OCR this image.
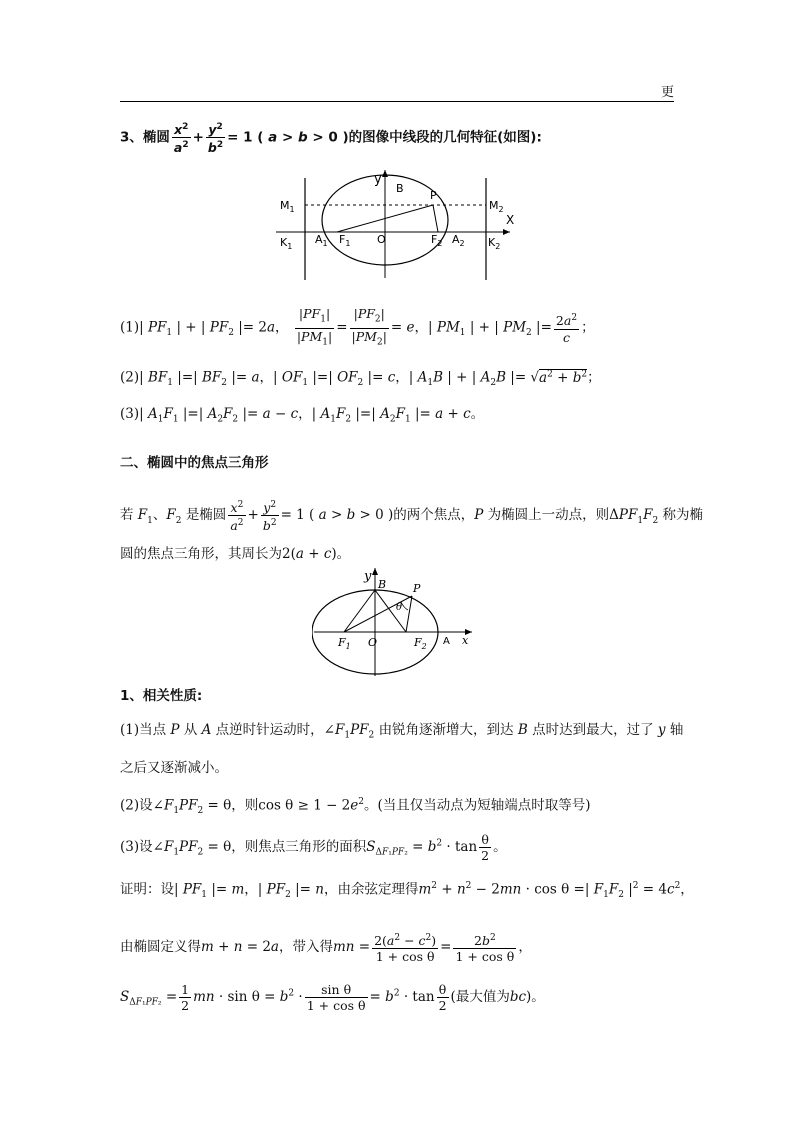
更
3、椭圆 $\frac{x^2}{a^2} + \frac{y^2}{b^2} = 1$ ( a > b > 0 )的图像中线段的几何特征(如图):
y
B
P
$M_1$	$M_2$
X
$K_1$
$A_1$ $F_1$ O	$F_2$ $A_2$ $K_2$
(1)| $PF_1$ | + | $PF_2$ |= 2a， $\frac{|PF_1|}{|PM_1|} = \frac{|PF_2|}{|PM_2|} = e$，| $PM_1$ | + | $PM_2$ |= $\frac{2a^2}{c}$ ；
(2)| $BF_1$ |=| $BF_2$ |= a，| $OF_1$ |=| $OF_2$ |= c，| $A_1B$ | + | $A_2B$ |= $√a^2 + b^2$；
(3)| $A_1F_1$ |=| $A_2F_2$ |= a − c，| $A_1F_2$ |=| $A_2F_1$ |= a + c。
二、椭圆中的焦点三角形
若 $F_1$、$F_2$ 是椭圆 $\frac{x^2}{a^2} + \frac{y^2}{b^2} = 1$ ( a > b > 0 )的两个焦点，P 为椭圆上一动点，则$\Delta PF_1F_2$ 称为椭
圆的焦点三角形，其周长为2(a + c)。
y
B P
θ
$F_1$ O	$F_2$ A x
1、相关性质:
(1)当点 P 从 A 点逆时针运动时，$\angle F_1PF_2$ 由锐角逐渐增大，到达 B 点时达到最大，过了 y 轴
之后又逐渐减小。
(2)设$\angle F_1PF_2 = \theta$，则$\cos \theta \ge 1 - 2e^2$。(当且仅当动点为短轴端点时取等号)
(3)设$\angle F_1PF_2 = \theta$，则焦点三角形的面积$S_{\Delta F_1PF_2} = b^2 \cdot \tan \frac{\theta}{2}$ 。
证明：设| $PF_1$ |= m，| $PF_2$ |= n，由余弦定理得$m^2 + n^2 - 2mn \cdot \cos \theta$ =| $F_1F_2$ $|^2 = 4c^2$，
由椭圆定义得m + n = 2a，带入得mn = $\frac{2(a^2 - c^2)}{\text{1 + cos θ}} = \frac{2b^2}{\text{1 + cos θ}}$ ，
$S_{\Delta F_1PF_2} = \frac{1}{2}$ mn · $\sin \theta = b^2 \cdot \frac{\text{sin θ}}{\text{1 + cos θ}} = b^2 \cdot \tan \frac{\theta}{2}$ (最大值为bc)。
